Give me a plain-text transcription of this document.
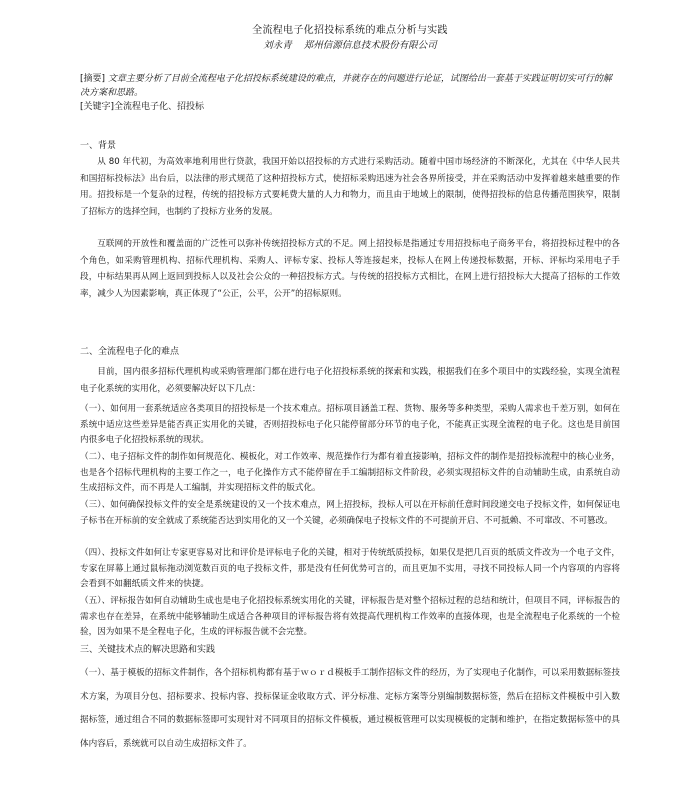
全流程电子化招投标系统的难点分析与实践
刘永青 郑州信源信息技术股份有限公司
[摘要] 文章主要分析了目前全流程电子化招投标系统建设的难点，并就存在的问题进行论证，试图给出一套基于实践证明切实可行的解决方案和思路。
[关键字]全流程电子化、招投标
一、背景
从 80 年代初，为高效率地利用世行贷款，我国开始以招投标的方式进行采购活动。随着中国市场经济的不断深化，尤其在《中华人民共和国招标投标法》出台后，以法律的形式规范了这种招投标方式，使招标采购迅速为社会各界所接受，并在采购活动中发挥着越来越重要的作用。招投标是一个复杂的过程，传统的招投标方式要耗费大量的人力和物力，而且由于地域上的限制，使得招投标的信息传播范围狭窄，限制了招标方的选择空间，也制约了投标方业务的发展。
互联网的开放性和覆盖面的广泛性可以弥补传统招投标方式的不足。网上招投标是指通过专用招投标电子商务平台，将招投标过程中的各个角色，如采购管理机构、招标代理机构、采购人、评标专家、投标人等连接起来，投标人在网上传递投标数据，开标、评标均采用电子手段，中标结果再从网上返回到投标人以及社会公众的一种招投标方式。与传统的招投标方式相比，在网上进行招投标大大提高了招标的工作效率，减少人为因素影响，真正体现了“公正，公平，公开”的招标原则。
二、全流程电子化的难点
目前，国内很多招标代理机构或采购管理部门都在进行电子化招投标系统的探索和实践，根据我们在多个项目中的实践经验，实现全流程电子化系统的实用化，必须要解决好以下几点：
（一）、如何用一套系统适应各类项目的招投标是一个技术难点。招标项目涵盖工程、货物、服务等多种类型，采购人需求也千差万别，如何在系统中适应这些差异是能否真正实用化的关键，否则招投标电子化只能停留部分环节的电子化，不能真正实现全流程的电子化。这也是目前国内很多电子化招投标系统的现状。
（二）、电子招标文件的制作如何规范化、模板化，对工作效率、规范操作行为都有着直接影响，招标文件的制作是招投标流程中的核心业务，也是各个招标代理机构的主要工作之一，电子化操作方式不能停留在手工编制招标文件阶段，必须实现招标文件的自动辅助生成，由系统自动生成招标文件，而不再是人工编制，并实现招标文件的版式化。
（三）、如何确保投标文件的安全是系统建设的又一个技术难点，网上招投标，投标人可以在开标前任意时间段递交电子投标文件，如何保证电子标书在开标前的安全就成了系统能否达到实用化的又一个关键，必须确保电子投标文件的不可提前开启、不可抵赖、不可窜改、不可篡改。
（四）、投标文件如何让专家更容易对比和评价是评标电子化的关键，相对于传统纸质投标，如果仅是把几百页的纸质文件改为一个电子文件，专家在屏幕上通过鼠标拖动浏览数百页的电子投标文件，那是没有任何优势可言的，而且更加不实用，寻找不同投标人同一个内容项的内容将会看到不如翻纸质文件来的快捷。
（五）、评标报告如何自动辅助生成也是电子化招投标系统实用化的关键，评标报告是对整个招标过程的总结和统计，但项目不同，评标报告的需求也存在差异，在系统中能够辅助生成适合各种项目的评标报告将有效提高代理机构工作效率的直接体现，也是全流程电子化系统的一个检验，因为如果不是全程电子化，生成的评标报告就不会完整。
三、关键技术点的解决思路和实践
（一）、基于模板的招标文件制作，各个招标机构都有基于ｗｏｒｄ模板手工制作招标文件的经历，为了实现电子化制作，可以采用数据标签技术方案，为项目分包、招标要求、投标内容、投标保证金收取方式、评分标准、定标方案等分别编制数据标签，然后在招标文件模板中引入数据标签，通过组合不同的数据标签即可实现针对不同项目的招标文件模板，通过模板管理可以实现模板的定制和维护，在指定数据标签中的具体内容后，系统就可以自动生成招标文件了。
